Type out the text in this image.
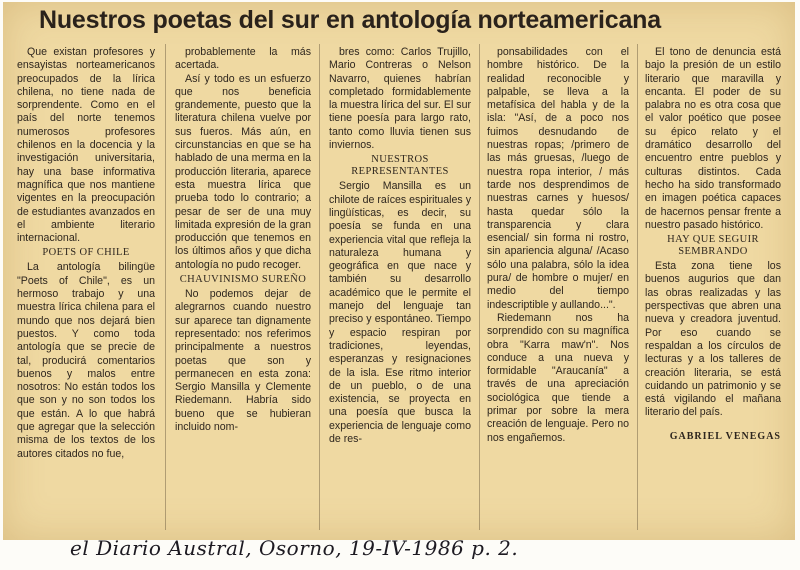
Nuestros poetas del sur en antología norteamericana

Que existan profesores y ensayistas norteamericanos preocupados de la lírica chilena, no tiene nada de sorprendente. Como en el país del norte tenemos numerosos profesores chilenos en la docencia y la investigación universitaria, hay una base informativa magnífica que nos mantiene vigentes en la preocupación de estudiantes avanzados en el ambiente literario internacional.

POETS OF CHILE

La antología bilingüe "Poets of Chile", es un hermoso trabajo y una muestra lírica chilena para el mundo que nos dejará bien puestos. Y como toda antología que se precie de tal, producirá comentarios buenos y malos entre nosotros: No están todos los que son y no son todos los que están. A lo que habrá que agregar que la selección misma de los textos de los autores citados no fue,

probablemente la más acertada.

Así y todo es un esfuerzo que nos beneficia grandemente, puesto que la literatura chilena vuelve por sus fueros. Más aún, en circunstancias en que se ha hablado de una merma en la producción literaria, aparece esta muestra lírica que prueba todo lo contrario; a pesar de ser de una muy limitada expresión de la gran producción que tenemos en los últimos años y que dicha antología no pudo recoger.

CHAUVINISMO SUREÑO

No podemos dejar de alegrarnos cuando nuestro sur aparece tan dignamente representado: nos referimos principalmente a nuestros poetas que son y permanecen en esta zona: Sergio Mansilla y Clemente Riedemann. Habría sido bueno que se hubieran incluido nom-

bres como: Carlos Trujillo, Mario Contreras o Nelson Navarro, quienes habrían completado formidablemente la muestra lírica del sur. El sur tiene poesía para largo rato, tanto como lluvia tienen sus inviernos.

NUESTROS REPRESENTANTES

Sergio Mansilla es un chilote de raíces espirituales y lingüísticas, es decir, su poesía se funda en una experiencia vital que refleja la naturaleza humana y geográfica en que nace y también su desarrollo académico que le permite el manejo del lenguaje tan preciso y espontáneo. Tiempo y espacio respiran por tradiciones, leyendas, esperanzas y resignaciones de la isla. Ese ritmo interior de un pueblo, o de una existencia, se proyecta en una poesía que busca la experiencia de lenguaje como de res-

ponsabilidades con el hombre histórico. De la realidad reconocible y palpable, se lleva a la metafísica del habla y de la isla: "Así, de a poco nos fuimos desnudando de nuestras ropas; /primero de las más gruesas, /luego de nuestra ropa interior, / más tarde nos desprendimos de nuestras carnes y huesos/ hasta quedar sólo la transparencia y clara esencial/ sin forma ni rostro, sin apariencia alguna/ /Acaso sólo una palabra, sólo la idea pura/ de hombre o mujer/ en medio del tiempo indescriptible y aullando...".

Riedemann nos ha sorprendido con su magnífica obra "Karra maw'n". Nos conduce a una nueva y formidable "Araucanía" a través de una apreciación sociológica que tiende a primar por sobre la mera creación de lenguaje. Pero no nos engañemos.

El tono de denuncia está bajo la presión de un estilo literario que maravilla y encanta. El poder de su palabra no es otra cosa que el valor poético que posee su épico relato y el dramático desarrollo del encuentro entre pueblos y culturas distintos. Cada hecho ha sido transformado en imagen poética capaces de hacernos pensar frente a nuestro pasado histórico.

HAY QUE SEGUIR SEMBRANDO

Esta zona tiene los buenos augurios que dan las obras realizadas y las perspectivas que abren una nueva y creadora juventud. Por eso cuando se respaldan a los círculos de lecturas y a los talleres de creación literaria, se está cuidando un patrimonio y se está vigilando el mañana literario del país.

GABRIEL VENEGAS
el Diario Austral, Osorno, 19-IV-1986 p. 2.
